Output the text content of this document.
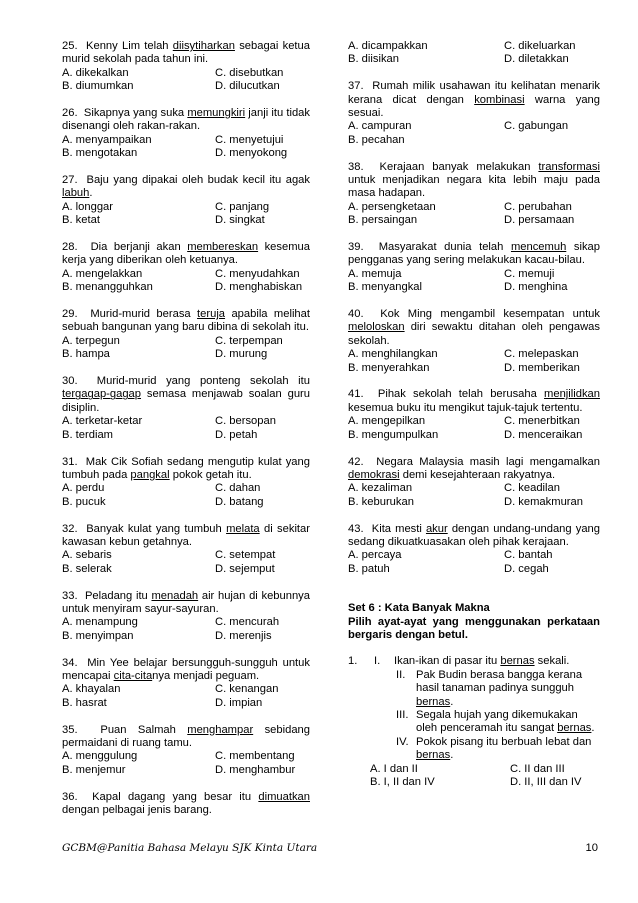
25.  Kenny Lim telah diisytiharkan sebagai ketua murid sekolah pada tahun ini.
A. dikekalkan	C. disebutkan
B. diumumkan	D. dilucutkan
26.  Sikapnya yang suka memungkiri janji itu tidak disenangi oleh rakan-rakan.
A. menyampaikan	C. menyetujui
B. mengotakan	D. menyokong
27.  Baju yang dipakai oleh budak kecil itu agak labuh.
A. longgar	C. panjang
B. ketat	D. singkat
28.  Dia berjanji akan membereskan kesemua kerja yang diberikan oleh ketuanya.
A. mengelakkan	C. menyudahkan
B. menangguhkan	D. menghabiskan
29.  Murid-murid berasa teruja apabila melihat sebuah bangunan yang baru dibina di sekolah itu.
A. terpegun	C. terpempan
B. hampa	D. murung
30.  Murid-murid yang ponteng sekolah itu tergagap-gagap semasa menjawab soalan guru disiplin.
A. terketar-ketar	C. bersopan
B. terdiam	D. petah
31.  Mak Cik Sofiah sedang mengutip kulat yang tumbuh pada pangkal pokok getah itu.
A. perdu	C. dahan
B. pucuk	D. batang
32.  Banyak kulat yang tumbuh melata di sekitar kawasan kebun getahnya.
A. sebaris	C. setempat
B. selerak	D. sejemput
33.  Peladang itu menadah air hujan di kebunnya untuk menyiram sayur-sayuran.
A. menampung	C. mencurah
B. menyimpan	D. merenjis
34.  Min Yee belajar bersungguh-sungguh untuk mencapai cita-citanya menjadi peguam.
A. khayalan	C. kenangan
B. hasrat	D. impian
35.  Puan Salmah menghampar sebidang permaidani di ruang tamu.
A. menggulung	C. membentang
B. menjemur	D. menghambur
36.  Kapal dagang yang besar itu dimuatkan dengan pelbagai jenis barang.
A. dicampakkan	C. dikeluarkan
B. diisikan	D. diletakkan
37.  Rumah milik usahawan itu kelihatan menarik kerana dicat dengan kombinasi warna yang sesuai.
A. campuran	C. gabungan
B. pecahan
38.  Kerajaan banyak melakukan transformasi untuk menjadikan negara kita lebih maju pada masa hadapan.
A. persengketaan	C. perubahan
B. persaingan	D. persamaan
39.  Masyarakat dunia telah mencemuh sikap pengganas yang sering melakukan kacau-bilau.
A. memuja	C. memuji
B. menyangkal	D. menghina
40.  Kok Ming mengambil kesempatan untuk meloloskan diri sewaktu ditahan oleh pengawas sekolah.
A. menghilangkan	C. melepaskan
B. menyerahkan	D. memberikan
41.  Pihak sekolah telah berusaha menjilidkan kesemua buku itu mengikut tajuk-tajuk tertentu.
A. mengepilkan	C. menerbitkan
B. mengumpulkan	D. menceraikan
42.  Negara Malaysia masih lagi mengamalkan demokrasi demi kesejahteraan rakyatnya.
A. kezaliman	C. keadilan
B. keburukan	D. kemakmuran
43.  Kita mesti akur dengan undang-undang yang sedang dikuatkuasakan oleh pihak kerajaan.
A. percaya	C. bantah
B. patuh	D. cegah
Set 6 : Kata Banyak Makna
Pilih ayat-ayat yang menggunakan perkataan bergaris dengan betul.
1.	I.	Ikan-ikan di pasar itu bernas sekali.
II. Pak Budin berasa bangga kerana hasil tanaman padinya sungguh bernas.
III. Segala hujah yang dikemukakan oleh penceramah itu sangat bernas.
IV. Pokok pisang itu berbuah lebat dan bernas.
A. I dan II	C. II dan III
B. I, II dan IV	D. II, III dan IV
GCBM@Panitia Bahasa Melayu SJK Kinta Utara	10
